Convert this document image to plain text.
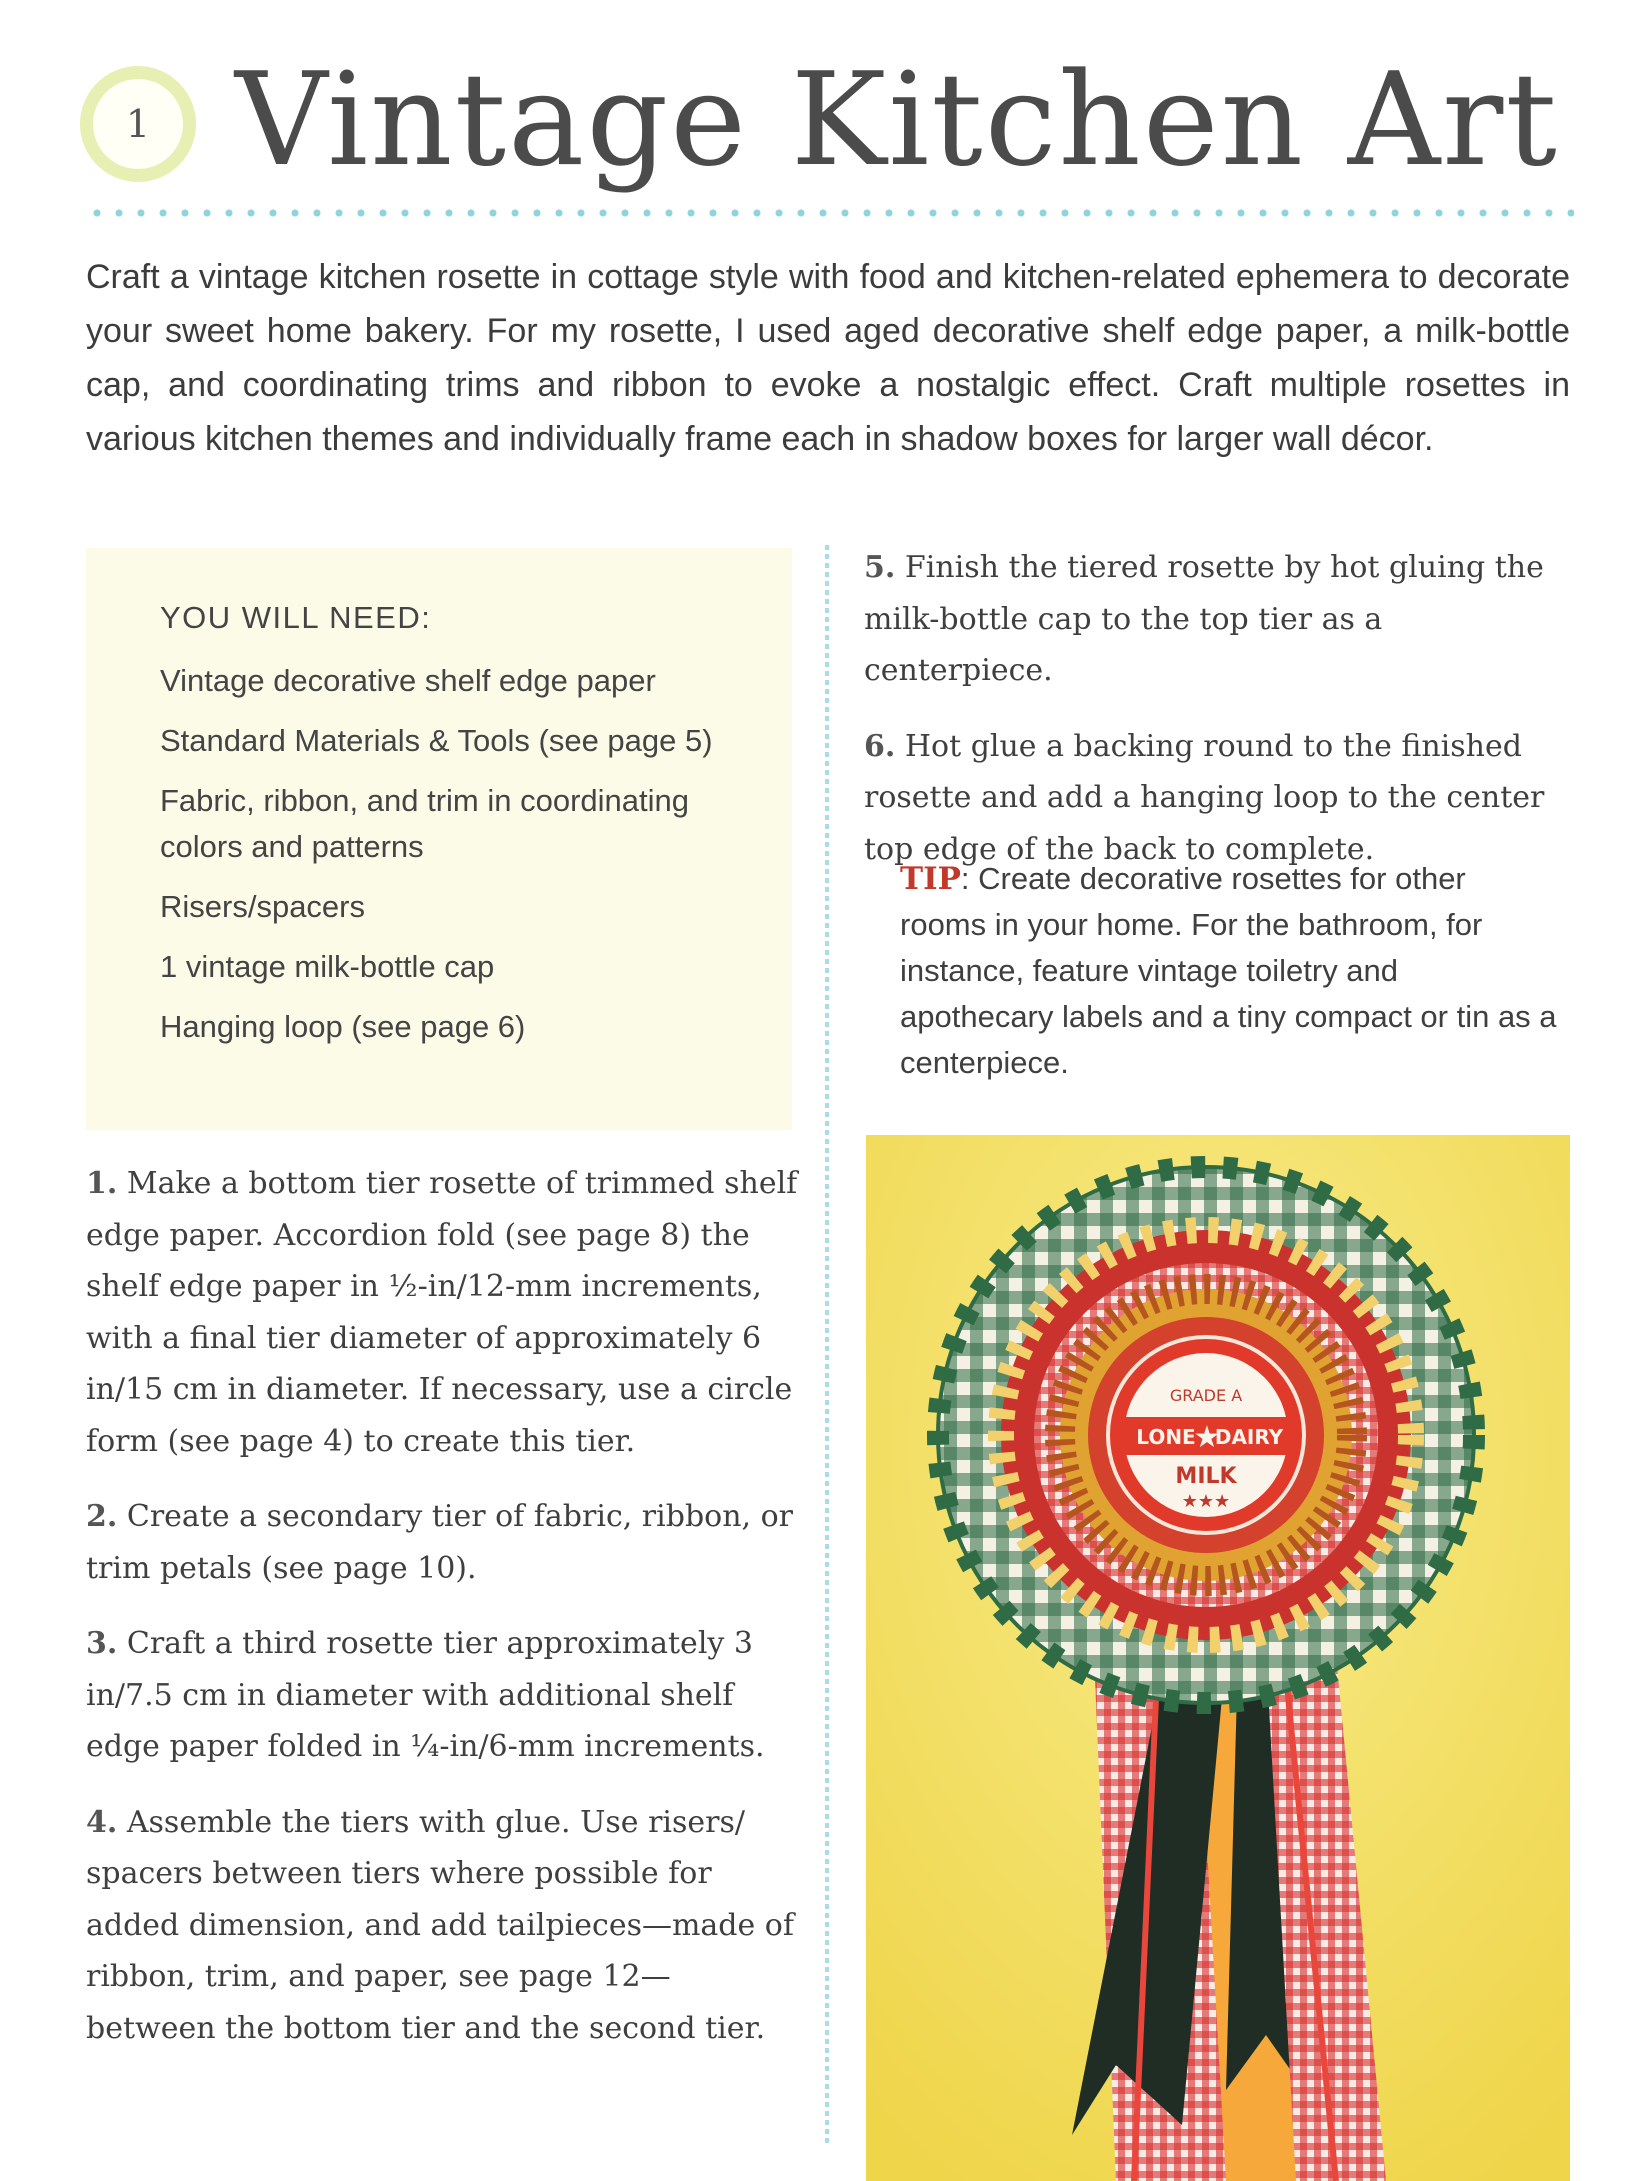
1 Vintage Kitchen Art

Craft a vintage kitchen rosette in cottage style with food and kitchen-related ephemera to decorate your sweet home bakery. For my rosette, I used aged decorative shelf edge paper, a milk-bottle cap, and coordinating trims and ribbon to evoke a nostalgic effect. Craft multiple rosettes in various kitchen themes and individually frame each in shadow boxes for larger wall décor.

YOU WILL NEED:

Vintage decorative shelf edge paper
Standard Materials & Tools (see page 5)
Fabric, ribbon, and trim in coordinating colors and patterns
Risers/spacers
1 vintage milk-bottle cap
Hanging loop (see page 6)

1. Make a bottom tier rosette of trimmed shelf edge paper. Accordion fold (see page 8) the shelf edge paper in ½-in/12-mm increments, with a final tier diameter of approximately 6 in/15 cm in diameter. If necessary, use a circle form (see page 4) to create this tier.

2. Create a secondary tier of fabric, ribbon, or trim petals (see page 10).

3. Craft a third rosette tier approximately 3 in/7.5 cm in diameter with additional shelf edge paper folded in ¼-in/6-mm increments.

4. Assemble the tiers with glue. Use risers/ spacers between tiers where possible for added dimension, and add tailpieces—made of ribbon, trim, and paper, see page 12—between the bottom tier and the second tier.

5. Finish the tiered rosette by hot gluing the milk-bottle cap to the top tier as a centerpiece.

6. Hot glue a backing round to the finished rosette and add a hanging loop to the center top edge of the back to complete.

TIP: Create decorative rosettes for other rooms in your home. For the bathroom, for instance, feature vintage toiletry and apothecary labels and a tiny compact or tin as a centerpiece.

GRADE A
LONE DAIRY
★
MILK
★★★
